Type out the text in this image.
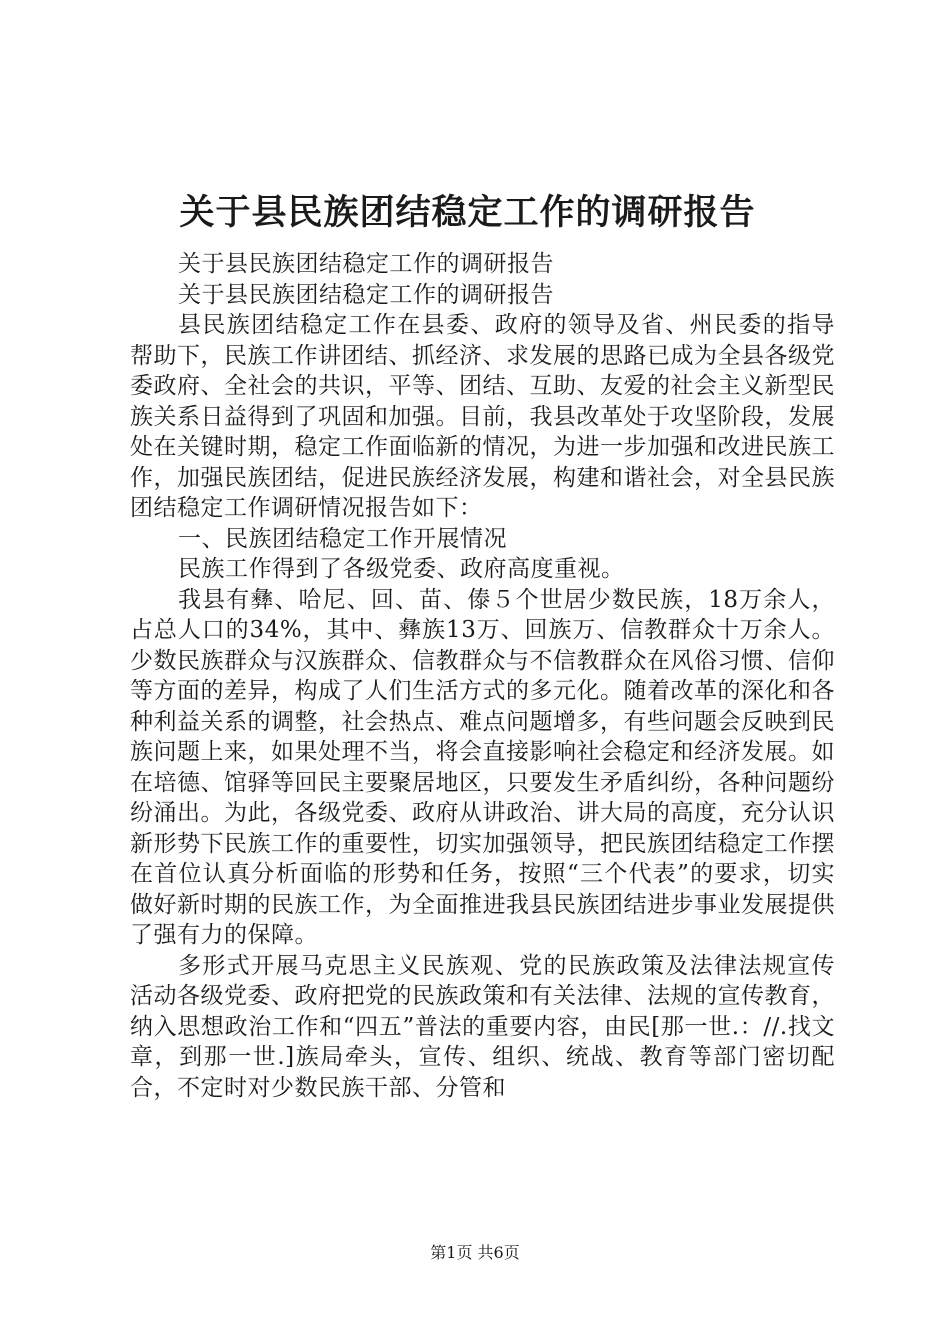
关于县民族团结稳定工作的调研报告

关于县民族团结稳定工作的调研报告

关于县民族团结稳定工作的调研报告

县民族团结稳定工作在县委、政府的领导及省、州民委的指导帮助下，民族工作讲团结、抓经济、求发展的思路已成为全县各级党委政府、全社会的共识，平等、团结、互助、友爱的社会主义新型民族关系日益得到了巩固和加强。目前，我县改革处于攻坚阶段，发展处在关键时期，稳定工作面临新的情况，为进一步加强和改进民族工作，加强民族团结，促进民族经济发展，构建和谐社会，对全县民族团结稳定工作调研情况报告如下：

一、民族团结稳定工作开展情况

民族工作得到了各级党委、政府高度重视。

我县有彝、哈尼、回、苗、傣５个世居少数民族，18万余人，占总人口的34%，其中、彝族13万、回族万、信教群众十万余人。少数民族群众与汉族群众、信教群众与不信教群众在风俗习惯、信仰等方面的差异，构成了人们生活方式的多元化。随着改革的深化和各种利益关系的调整，社会热点、难点问题增多，有些问题会反映到民族问题上来，如果处理不当，将会直接影响社会稳定和经济发展。如在培德、馆驿等回民主要聚居地区，只要发生矛盾纠纷，各种问题纷纷涌出。为此，各级党委、政府从讲政治、讲大局的高度，充分认识新形势下民族工作的重要性，切实加强领导，把民族团结稳定工作摆在首位认真分析面临的形势和任务，按照“三个代表”的要求，切实做好新时期的民族工作，为全面推进我县民族团结进步事业发展提供了强有力的保障。

多形式开展马克思主义民族观、党的民族政策及法律法规宣传活动各级党委、政府把党的民族政策和有关法律、法规的宣传教育，纳入思想政治工作和“四五”普法的重要内容，由民[那一世.：//.找文章，到那一世.]族局牵头，宣传、组织、统战、教育等部门密切配合，不定时对少数民族干部、分管和

第1页 共6页
